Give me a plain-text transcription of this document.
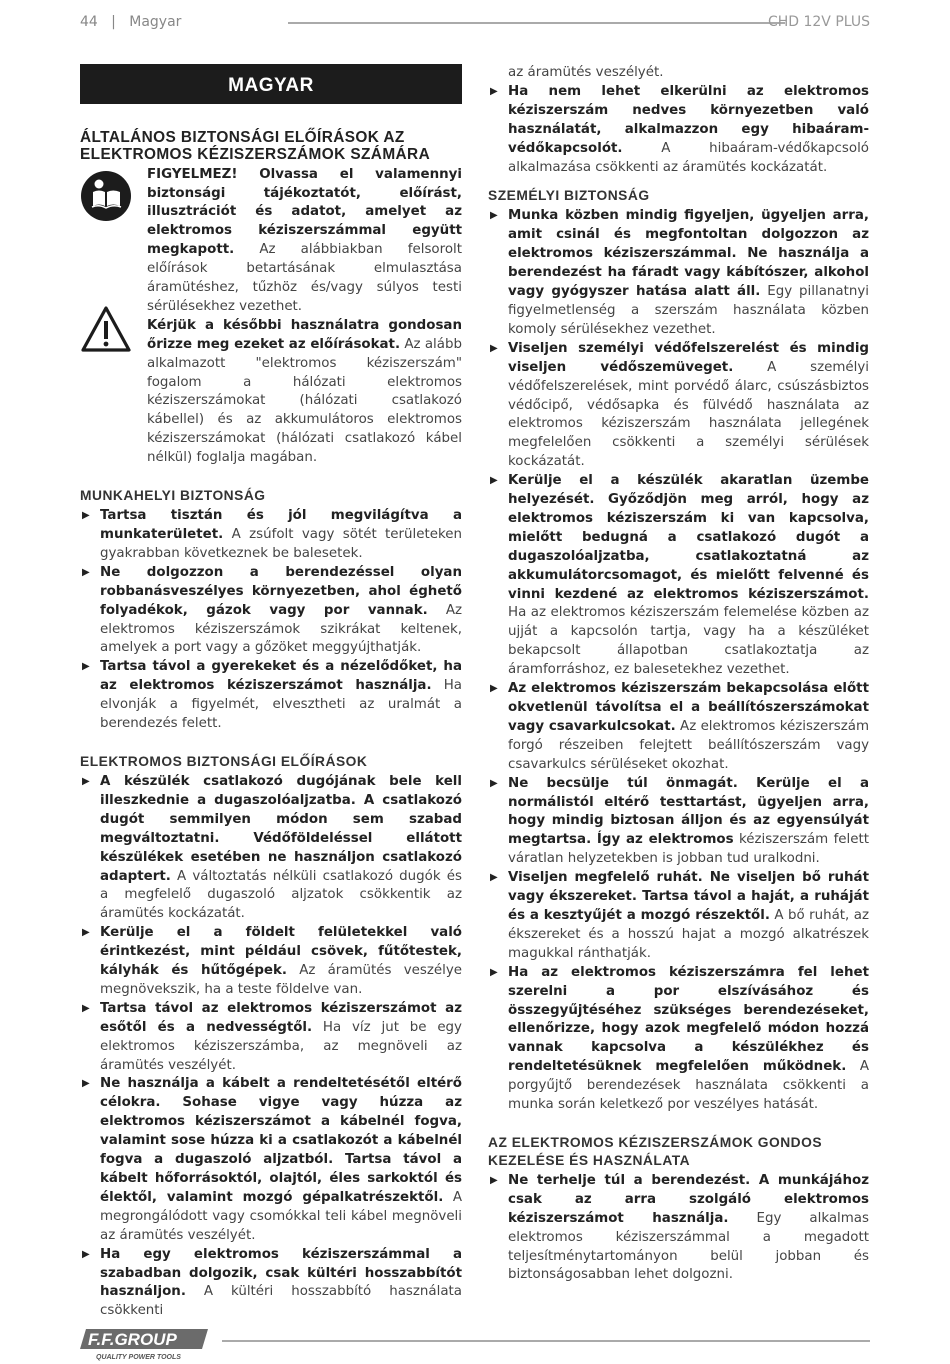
44   |   Magyar	CHD 12V PLUS
MAGYAR
ÁLTALÁNOS BIZTONSÁGI ELŐÍRÁSOK AZ ELEKTROMOS KÉZISZERSZÁMOK SZÁMÁRA

FIGYELMEZ! Olvassa el valamennyi biztonsági tájékoztatót, előírást, illusztrációt és adatot, amelyet az elektromos kéziszerszámmal együtt megkapott. Az alábbiakban felsorolt előírások betartásának elmulasztása áramütéshez, tűzhöz és/vagy súlyos testi sérülésekhez vezethet.

Kérjük a későbbi használatra gondosan őrizze meg ezeket az előírásokat. Az alább alkalmazott "elektromos kéziszerszám" fogalom a hálózati elektromos kéziszerszámokat (hálózati csatlakozó kábellel) és az akkumulátoros elektromos kéziszerszámokat (hálózati csatlakozó kábel nélkül) foglalja magában.

MUNKAHELYI BIZTONSÁG
▶ Tartsa tisztán és jól megvilágítva a munkaterületet. A zsúfolt vagy sötét területeken gyakrabban következnek be balesetek.
▶ Ne dolgozzon a berendezéssel olyan robbanásveszélyes környezetben, ahol éghető folyadékok, gázok vagy por vannak. Az elektromos kéziszerszámok szikrákat keltenek, amelyek a port vagy a gőzöket meggyújthatják.
▶ Tartsa távol a gyerekeket és a nézelődőket, ha az elektromos kéziszerszámot használja. Ha elvonják a figyelmét, elvesztheti az uralmát a berendezés felett.
ELEKTROMOS BIZTONSÁGI ELŐÍRÁSOK
▶ A készülék csatlakozó dugójának bele kell illeszkednie a dugaszolóaljzatba. A csatlakozó dugót semmilyen módon sem szabad megváltoztatni. Védőföldeléssel ellátott készülékek esetében ne használjon csatlakozó adaptert. A változtatás nélküli csatlakozó dugók és a megfelelő dugaszoló aljzatok csökkentik az áramütés kockázatát.
▶ Kerülje el a földelt felületekkel való érintkezést, mint például csövek, fűtőtestek, kályhák és hűtőgépek. Az áramütés veszélye megnövekszik, ha a teste földelve van.
▶ Tartsa távol az elektromos kéziszerszámot az esőtől és a nedvességtől. Ha víz jut be egy elektromos kéziszerszámba, az megnöveli az áramütés veszélyét.
▶ Ne használja a kábelt a rendeltetésétől eltérő célokra. Sohase vigye vagy húzza az elektromos kéziszerszámot a kábelnél fogva, valamint sose húzza ki a csatlakozót a kábelnél fogva a dugaszoló aljzatból. Tartsa távol a kábelt hőforrásoktól, olajtól, éles sarkoktól és élektől, valamint mozgó gépalkatrészektől. A megrongálódott vagy csomókkal teli kábel megnöveli az áramütés veszélyét.
▶ Ha egy elektromos kéziszerszámmal a szabadban dolgozik, csak kültéri hosszabbítót használjon. A kültéri hosszabbító használata csökkenti
az áramütés veszélyét.
▶ Ha nem lehet elkerülni az elektromos kéziszerszám nedves környezetben való használatát, alkalmazzon egy hibaáram-védőkapcsolót. A hibaáram-védőkapcsoló alkalmazása csökkenti az áramütés kockázatát.
SZEMÉLYI BIZTONSÁG
▶ Munka közben mindig figyeljen, ügyeljen arra, amit csinál és megfontoltan dolgozzon az elektromos kéziszerszámmal. Ne használja a berendezést ha fáradt vagy kábítószer, alkohol vagy gyógyszer hatása alatt áll. Egy pillanatnyi figyelmetlenség a szerszám használata közben komoly sérülésekhez vezethet.
▶ Viseljen személyi védőfelszerelést és mindig viseljen védőszemüveget. A személyi védőfelszerelések, mint porvédő álarc, csúszásbiztos védőcipő, védősapka és fülvédő használata az elektromos kéziszerszám használata jellegének megfelelően csökkenti a személyi sérülések kockázatát.
▶ Kerülje el a készülék akaratlan üzembe helyezését. Győződjön meg arról, hogy az elektromos kéziszerszám ki van kapcsolva, mielőtt bedugná a csatlakozó dugót a dugaszolóaljzatba, csatlakoztatná az akkumulátorcsomagot, és mielőtt felvenné és vinni kezdené az elektromos kéziszerszámot. Ha az elektromos kéziszerszám felemelése közben az ujját a kapcsolón tartja, vagy ha a készüléket bekapcsolt állapotban csatlakoztatja az áramforráshoz, ez balesetekhez vezethet.
▶ Az elektromos kéziszerszám bekapcsolása előtt okvetlenül távolítsa el a beállítószerszámokat vagy csavarkulcsokat. Az elektromos kéziszerszám forgó részeiben felejtett beállítószerszám vagy csavarkulcs sérüléseket okozhat.
▶ Ne becsülje túl önmagát. Kerülje el a normálistól eltérő testtartást, ügyeljen arra, hogy mindig biztosan álljon és az egyensúlyát megtartsa. Így az elektromos kéziszerszám felett váratlan helyzetekben is jobban tud uralkodni.
▶ Viseljen megfelelő ruhát. Ne viseljen bő ruhát vagy ékszereket. Tartsa távol a haját, a ruháját és a kesztyűjét a mozgó részektől. A bő ruhát, az ékszereket és a hosszú hajat a mozgó alkatrészek magukkal ránthatják.
▶ Ha az elektromos kéziszerszámra fel lehet szerelni a por elszívásához és összegyűjtéséhez szükséges berendezéseket, ellenőrizze, hogy azok megfelelő módon hozzá vannak kapcsolva a készülékhez és rendeltetésüknek megfelelően működnek. A porgyűjtő berendezések használata csökkenti a munka során keletkező por veszélyes hatását.
AZ ELEKTROMOS KÉZISZERSZÁMOK GONDOS KEZELÉSE ÉS HASZNÁLATA
▶ Ne terhelje túl a berendezést. A munkájához csak az arra szolgáló elektromos kéziszerszámot használja. Egy alkalmas elektromos kéziszerszámmal a megadott teljesítménytartományon belül jobban és biztonságosabban lehet dolgozni.
F.F.GROUP
QUALITY POWER TOOLS
